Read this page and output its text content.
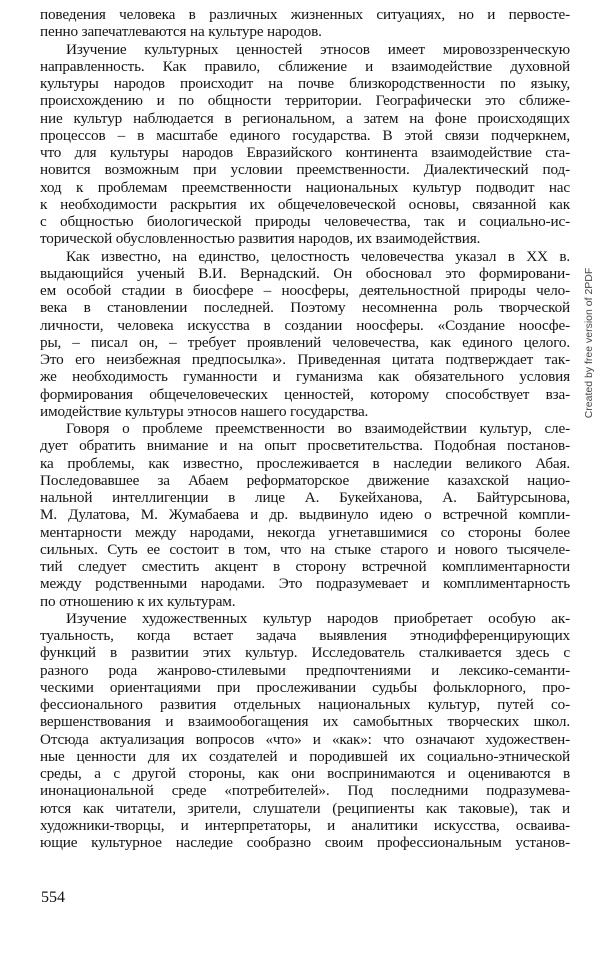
поведения человека в различных жизненных ситуациях, но и первосте-
пенно запечатлеваются на культуре народов.
Изучение культурных ценностей этносов имеет мировоззренческую
направленность. Как правило, сближение и взаимодействие духовной
культуры народов происходит на почве близкородственности по языку,
происхождению и по общности территории. Географически это сближе-
ние культур наблюдается в региональном, а затем на фоне происходящих
процессов – в масштабе единого государства. В этой связи подчеркнем,
что для культуры народов Евразийского континента взаимодействие ста-
новится возможным при условии преемственности. Диалектический под-
ход к проблемам преемственности национальных культур подводит нас
к необходимости раскрытия их общечеловеческой основы, связанной как
с общностью биологической природы человечества, так и социально-ис-
торической обусловленностью развития народов, их взаимодействия.
Как известно, на единство, целостность человечества указал в XX в.
выдающийся ученый В.И. Вернадский. Он обосновал это формировани-
ем особой стадии в биосфере – ноосферы, деятельностной природы чело-
века в становлении последней. Поэтому несомненна роль творческой
личности, человека искусства в создании ноосферы. «Создание ноосфе-
ры, – писал он, – требует проявлений человечества, как единого целого.
Это его неизбежная предпосылка». Приведенная цитата подтверждает так-
же необходимость гуманности и гуманизма как обязательного условия
формирования общечеловеческих ценностей, которому способствует вза-
имодействие культуры этносов нашего государства.
Говоря о проблеме преемственности во взаимодействии культур, сле-
дует обратить внимание и на опыт просветительства. Подобная постанов-
ка проблемы, как известно, прослеживается в наследии великого Абая.
Последовавшее за Абаем реформаторское движение казахской нацио-
нальной интеллигенции в лице А. Букейханова, А. Байтурсынова,
М. Дулатова, М. Жумабаева и др. выдвинуло идею о встречной компли-
ментарности между народами, некогда угнетавшимися со стороны более
сильных. Суть ее состоит в том, что на стыке старого и нового тысячеле-
тий следует сместить акцент в сторону встречной комплиментарности
между родственными народами. Это подразумевает и комплиментарность
по отношению к их культурам.
Изучение художественных культур народов приобретает особую ак-
туальность, когда встает задача выявления этнодифференцирующих
функций в развитии этих культур. Исследователь сталкивается здесь с
разного рода жанрово-стилевыми предпочтениями и лексико-семанти-
ческими ориентациями при прослеживании судьбы фольклорного, про-
фессионального развития отдельных национальных культур, путей со-
вершенствования и взаимообогащения их самобытных творческих школ.
Отсюда актуализация вопросов «что» и «как»: что означают художествен-
ные ценности для их создателей и породившей их социально-этнической
среды, а с другой стороны, как они воспринимаются и оцениваются в
инонациональной среде «потребителей». Под последними подразумева-
ются как читатели, зрители, слушатели (реципиенты как таковые), так и
художники-творцы, и интерпретаторы, и аналитики искусства, осваива-
ющие культурное наследие сообразно своим профессиональным установ-
554
Created by free version of 2PDF
